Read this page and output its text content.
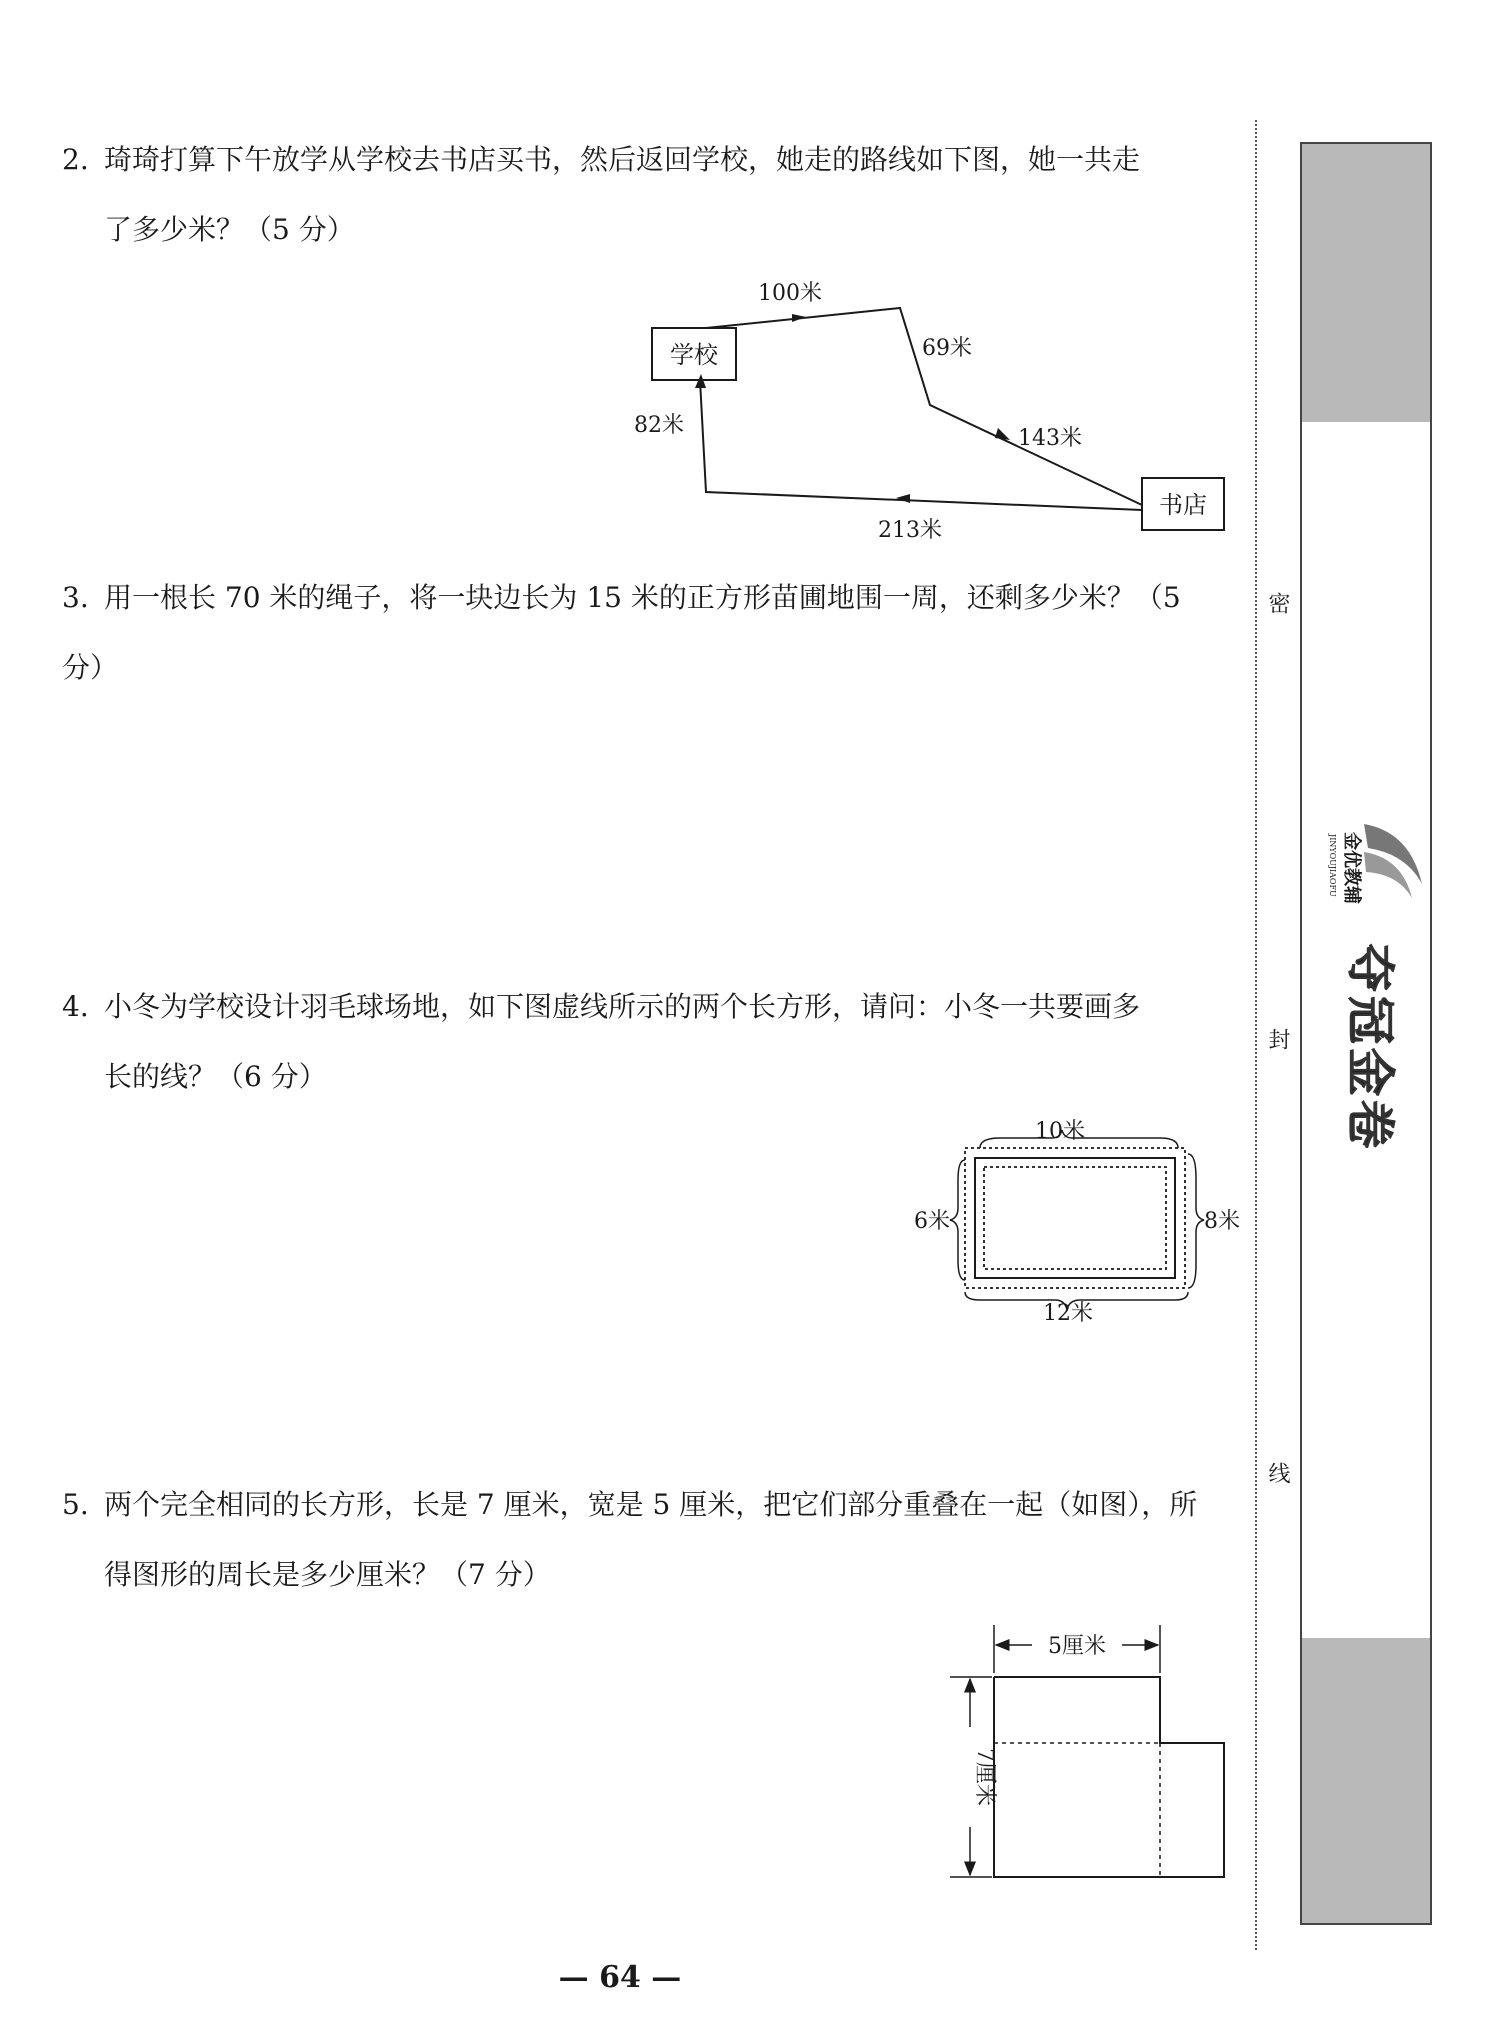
2. 琦琦打算下午放学从学校去书店买书，然后返回学校，她走的路线如下图，她一共走
了多少米？（5 分）
学校
书店
100米
69米
143米
213米
82米
3. 用一根长 70 米的绳子，将一块边长为 15 米的正方形苗圃地围一周，还剩多少米？（5 分）
4. 小冬为学校设计羽毛球场地，如下图虚线所示的两个长方形，请问：小冬一共要画多
长的线？（6 分）
10米
6米	8米
12米
5. 两个完全相同的长方形，长是 7 厘米，宽是 5 厘米，把它们部分重叠在一起（如图），所
得图形的周长是多少厘米？（7 分）
5厘米
7厘米
— 64 —
密
封
线
金优教辅
JINYOUJIAOFU
夺冠金卷
